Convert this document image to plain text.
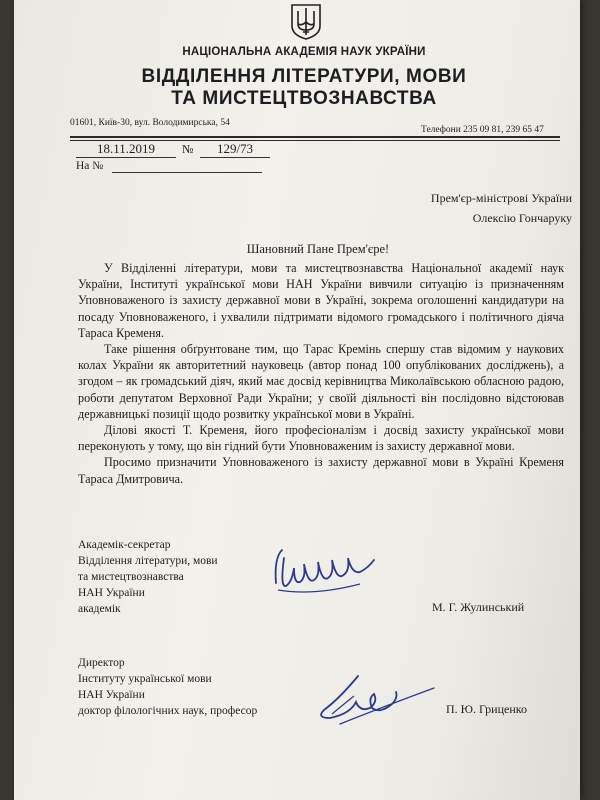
НАЦІОНАЛЬНА АКАДЕМІЯ НАУК УКРАЇНИ
ВІДДІЛЕННЯ ЛІТЕРАТУРИ, МОВИ
ТА МИСТЕЦТВОЗНАВСТВА
01601, Київ-30, вул. Володимирська, 54
Телефони 235 09 81, 239 65 47
18.11.2019	№	129/73
На №
Прем'єр-міністрові України
Олексію Гончаруку
Шановний Пане Прем'єре!

У Відділенні літератури, мови та мистецтвознавства Національної академії наук України, Інституті української мови НАН України вивчили ситуацію із призначенням Уповноваженого із захисту державної мови в Україні, зокрема оголошенні кандидатури на посаду Уповноваженого, і ухвалили підтримати відомого громадського і політичного діяча Тараса Кременя.

Таке рішення обґрунтоване тим, що Тарас Кремінь спершу став відомим у наукових колах України як авторитетний науковець (автор понад 100 опублікованих досліджень), а згодом – як громадський діяч, який має досвід керівництва Миколаївською обласною радою, роботи депутатом Верховної Ради України; у своїй діяльності він послідовно відстоював державницькі позиції щодо розвитку української мови в Україні.

Ділові якості Т. Кременя, його професіоналізм і досвід захисту української мови переконують у тому, що він гідний бути Уповноваженим із захисту державної мови.

Просимо призначити Уповноваженого із захисту державної мови в Україні Кременя Тараса Дмитровича.

Академік-секретар
Відділення літератури, мови
та мистецтвознавства
НАН України
академік	М. Г. Жулинський
Директор
Інституту української мови
НАН України
доктор філологічних наук, професор	П. Ю. Гриценко
